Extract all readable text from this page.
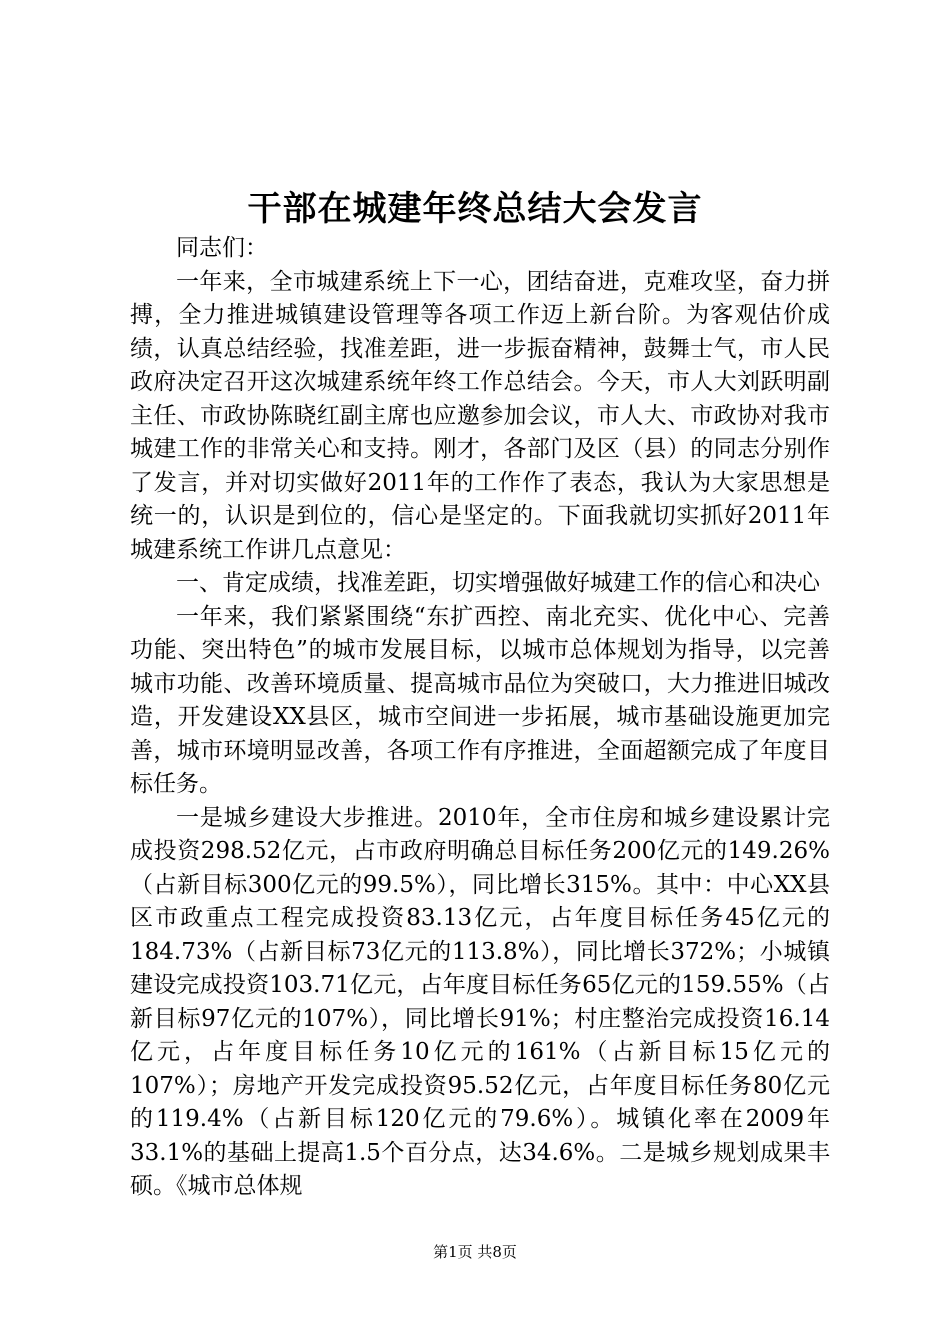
干部在城建年终总结大会发言

同志们：

一年来，全市城建系统上下一心，团结奋进，克难攻坚，奋力拼搏，全力推进城镇建设管理等各项工作迈上新台阶。为客观估价成绩，认真总结经验，找准差距，进一步振奋精神，鼓舞士气，市人民政府决定召开这次城建系统年终工作总结会。今天，市人大刘跃明副主任、市政协陈晓红副主席也应邀参加会议，市人大、市政协对我市城建工作的非常关心和支持。刚才，各部门及区（县）的同志分别作了发言，并对切实做好2011年的工作作了表态，我认为大家思想是统一的，认识是到位的，信心是坚定的。下面我就切实抓好2011年城建系统工作讲几点意见：

一、肯定成绩，找准差距，切实增强做好城建工作的信心和决心

一年来，我们紧紧围绕“东扩西控、南北充实、优化中心、完善功能、突出特色”的城市发展目标，以城市总体规划为指导，以完善城市功能、改善环境质量、提高城市品位为突破口，大力推进旧城改造，开发建设XX县区，城市空间进一步拓展，城市基础设施更加完善，城市环境明显改善，各项工作有序推进，全面超额完成了年度目标任务。

一是城乡建设大步推进。2010年，全市住房和城乡建设累计完成投资298.52亿元，占市政府明确总目标任务200亿元的149.26%（占新目标300亿元的99.5%），同比增长315%。其中：中心XX县区市政重点工程完成投资83.13亿元，占年度目标任务45亿元的184.73%（占新目标73亿元的113.8%），同比增长372%；小城镇建设完成投资103.71亿元，占年度目标任务65亿元的159.55%（占新目标97亿元的107%），同比增长91%；村庄整治完成投资16.14亿元，占年度目标任务10亿元的161%（占新目标15亿元的107%）；房地产开发完成投资95.52亿元，占年度目标任务80亿元的119.4%（占新目标120亿元的79.6%）。城镇化率在2009年33.1%的基础上提高1.5个百分点，达34.6%。二是城乡规划成果丰硕。《城市总体规

第1页 共8页
